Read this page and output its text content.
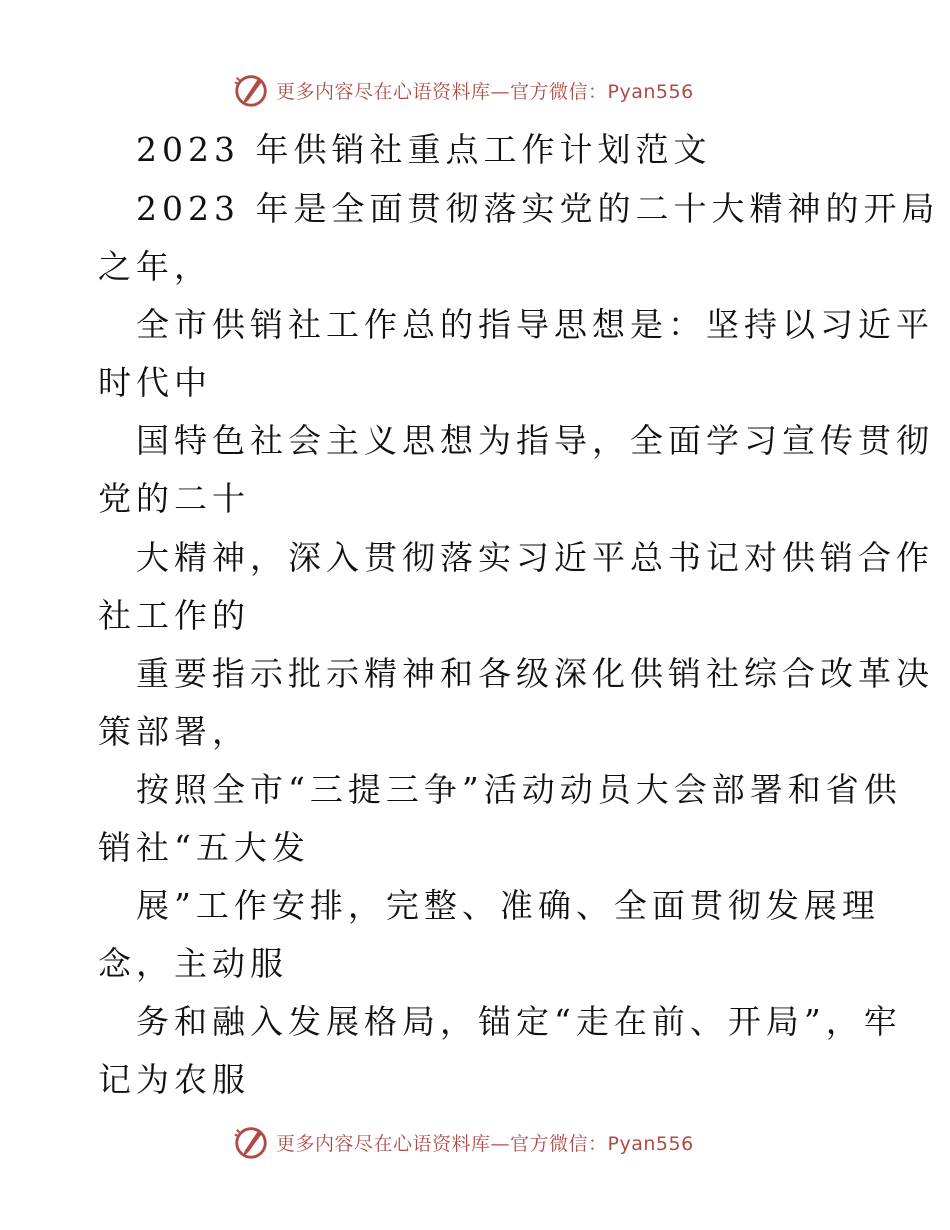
更多内容尽在心语资料库—官方微信：Pyan556
2023 年供销社重点工作计划范文
2023 年是全面贯彻落实党的二十大精神的开局
之年，
全市供销社工作总的指导思想是：坚持以习近平
时代中
国特色社会主义思想为指导，全面学习宣传贯彻
党的二十
大精神，深入贯彻落实习近平总书记对供销合作
社工作的
重要指示批示精神和各级深化供销社综合改革决
策部署，
按照全市“三提三争”活动动员大会部署和省供
销社“五大发
展”工作安排，完整、准确、全面贯彻发展理
念，主动服
务和融入发展格局，锚定“走在前、开局”，牢
记为农服
更多内容尽在心语资料库—官方微信：Pyan556
